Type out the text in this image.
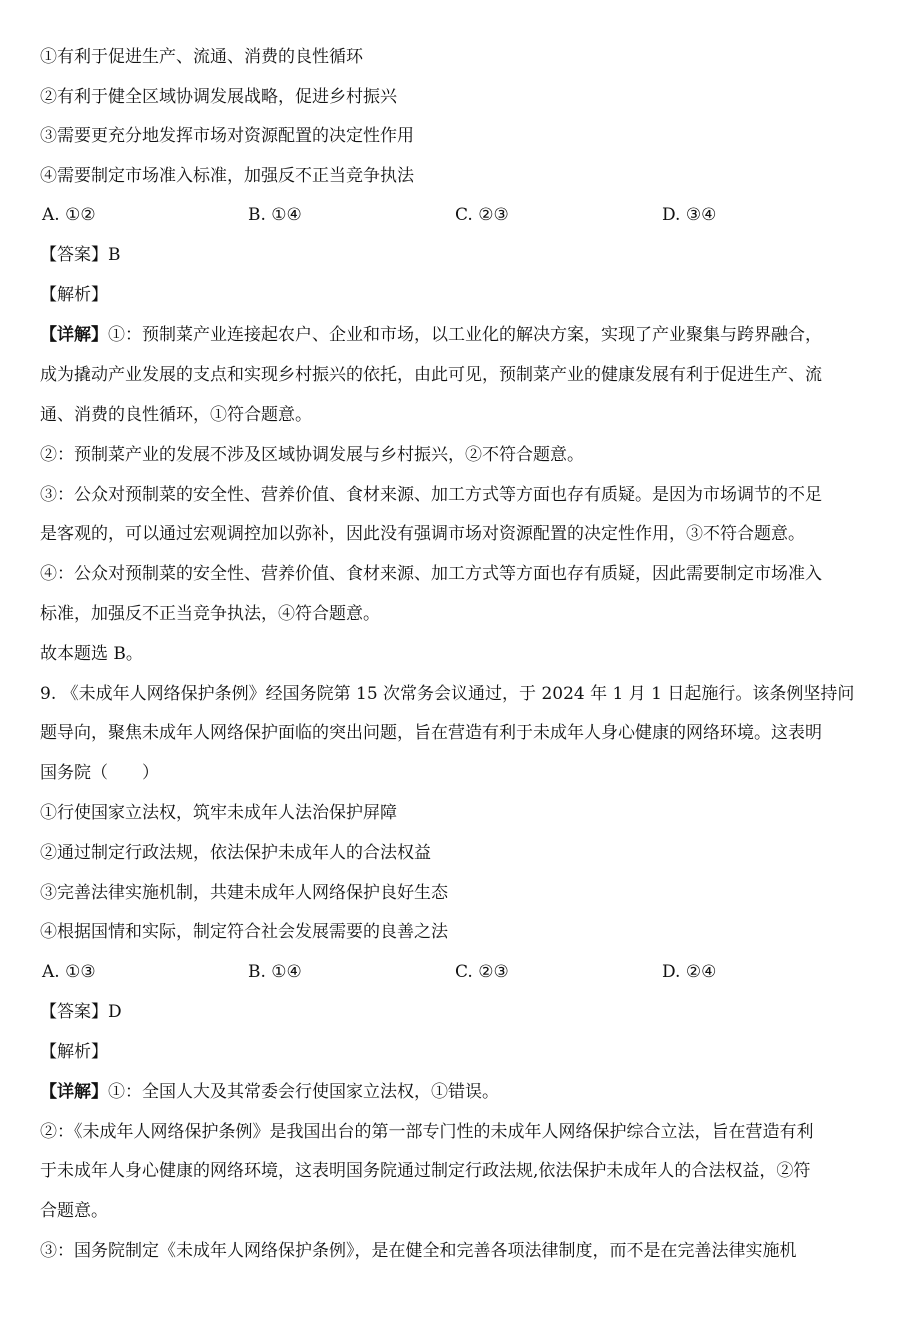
①有利于促进生产、流通、消费的良性循环
②有利于健全区域协调发展战略，促进乡村振兴
③需要更充分地发挥市场对资源配置的决定性作用
④需要制定市场准入标准，加强反不正当竞争执法
A. ①②	B. ①④	C. ②③	D. ③④
【答案】B
【解析】
【详解】①：预制菜产业连接起农户、企业和市场，以工业化的解决方案，实现了产业聚集与跨界融合，
成为撬动产业发展的支点和实现乡村振兴的依托，由此可见，预制菜产业的健康发展有利于促进生产、流
通、消费的良性循环，①符合题意。
②：预制菜产业的发展不涉及区域协调发展与乡村振兴，②不符合题意。
③：公众对预制菜的安全性、营养价值、食材来源、加工方式等方面也存有质疑。是因为市场调节的不足
是客观的，可以通过宏观调控加以弥补，因此没有强调市场对资源配置的决定性作用，③不符合题意。
④：公众对预制菜的安全性、营养价值、食材来源、加工方式等方面也存有质疑，因此需要制定市场准入
标准，加强反不正当竞争执法，④符合题意。
故本题选 B。
9. 《未成年人网络保护条例》经国务院第 15 次常务会议通过，于 2024 年 1 月 1 日起施行。该条例坚持问
题导向，聚焦未成年人网络保护面临的突出问题，旨在营造有利于未成年人身心健康的网络环境。这表明
国务院（　　）
①行使国家立法权，筑牢未成年人法治保护屏障
②通过制定行政法规，依法保护未成年人的合法权益
③完善法律实施机制，共建未成年人网络保护良好生态
④根据国情和实际，制定符合社会发展需要的良善之法
A. ①③	B. ①④	C. ②③	D. ②④
【答案】D
【解析】
【详解】①：全国人大及其常委会行使国家立法权，①错误。
②：《未成年人网络保护条例》是我国出台的第一部专门性的未成年人网络保护综合立法，旨在营造有利
于未成年人身心健康的网络环境，这表明国务院通过制定行政法规,依法保护未成年人的合法权益，②符
合题意。
③：国务院制定《未成年人网络保护条例》，是在健全和完善各项法律制度，而不是在完善法律实施机
